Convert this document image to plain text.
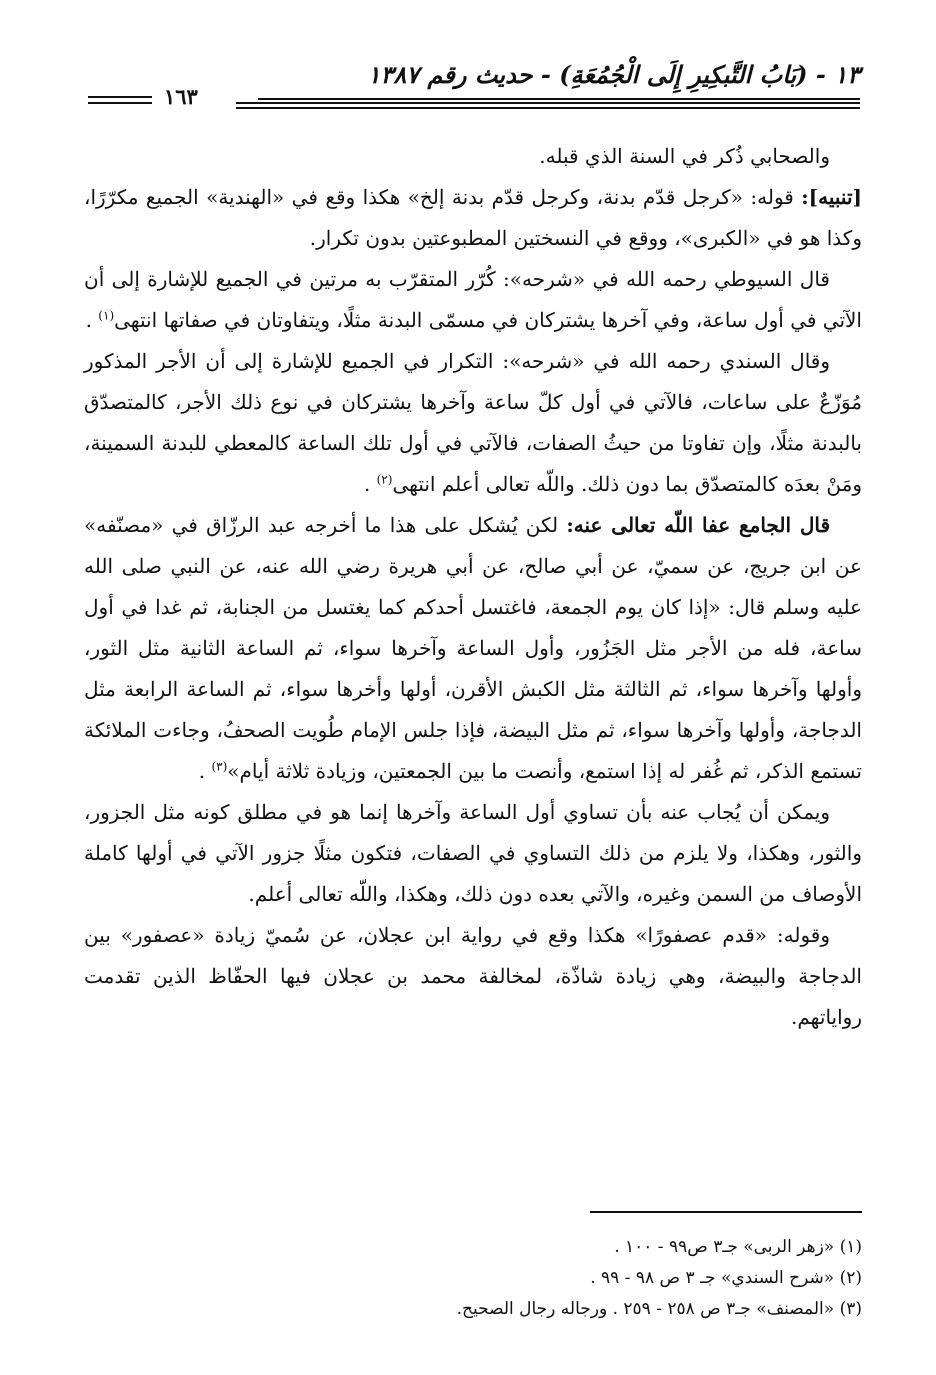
١٣ - (بَابُ التَّبكِيرِ إِلَى الْجُمُعَةِ) - حديث رقم ١٣٨٧
١٦٣

والصحابي ذُكر في السنة الذي قبله.

[تنبيه]: قوله: «كرجل قدّم بدنة، وكرجل قدّم بدنة إلخ» هكذا وقع في «الهندية» الجميع مكرّرًا، وكذا هو في «الكبرى»، ووقع في النسختين المطبوعتين بدون تكرار.

قال السيوطي رحمه الله في «شرحه»: كُرّر المتقرّب به مرتين في الجميع للإشارة إلى أن الآتي في أول ساعة، وفي آخرها يشتركان في مسمّى البدنة مثلًا، ويتفاوتان في صفاتها انتهى$^{(١)}$ .

وقال السندي رحمه الله في «شرحه»: التكرار في الجميع للإشارة إلى أن الأجر المذكور مُوَزّعٌ على ساعات، فالآتي في أول كلّ ساعة وآخرها يشتركان في نوع ذلك الأجر، كالمتصدّق بالبدنة مثلًا، وإن تفاوتا من حيثُ الصفات، فالآتي في أول تلك الساعة كالمعطي للبدنة السمينة، ومَنْ بعدَه كالمتصدّق بما دون ذلك. واللّه تعالى أعلم انتهى$^{(٢)}$ .

قال الجامع عفا اللّه تعالى عنه: لكن يُشكل على هذا ما أخرجه عبد الرزّاق في «مصنّفه» عن ابن جريج، عن سميّ، عن أبي صالح، عن أبي هريرة رضي الله عنه، عن النبي صلى الله عليه وسلم قال: «إذا كان يوم الجمعة، فاغتسل أحدكم كما يغتسل من الجنابة، ثم غدا في أول ساعة، فله من الأجر مثل الجَزُور، وأول الساعة وآخرها سواء، ثم الساعة الثانية مثل الثور، وأولها وآخرها سواء، ثم الثالثة مثل الكبش الأقرن، أولها وأخرها سواء، ثم الساعة الرابعة مثل الدجاجة، وأولها وآخرها سواء، ثم مثل البيضة، فإذا جلس الإمام طُويت الصحفُ، وجاءت الملائكة تستمع الذكر، ثم غُفر له إذا استمع، وأنصت ما بين الجمعتين، وزيادة ثلاثة أيام»$^{(٣)}$ .

ويمكن أن يُجاب عنه بأن تساوي أول الساعة وآخرها إنما هو في مطلق كونه مثل الجزور، والثور، وهكذا، ولا يلزم من ذلك التساوي في الصفات، فتكون مثلًا جزور الآتي في أولها كاملة الأوصاف من السمن وغيره، والآتي بعده دون ذلك، وهكذا، واللّه تعالى أعلم.

وقوله: «قدم عصفورًا» هكذا وقع في رواية ابن عجلان، عن سُميّ زيادة «عصفور» بين الدجاجة والبيضة، وهي زيادة شاذّة، لمخالفة محمد بن عجلان فيها الحفّاظ الذين تقدمت رواياتهم.

(١) «زهر الربى» جـ٣ ص٩٩ - ١٠٠ .

(٢) «شرح السندي» جـ ٣ ص ٩٨ - ٩٩ .

(٣) «المصنف» جـ٣ ص ٢٥٨ - ٢٥٩ . ورجاله رجال الصحيح.
